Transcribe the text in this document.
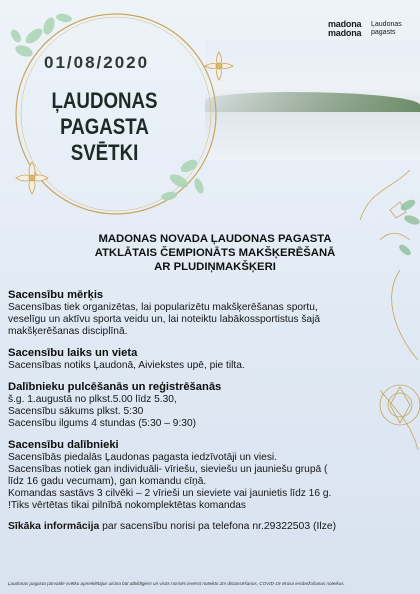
madona
madona
Ļaudonas
pagasts
01/08/2020
ĻAUDONAS
PAGASTA SVĒTKI
MADONAS NOVADA ĻAUDONAS PAGASTA
ATKLĀTAIS ČEMPIONĀTS MAKŠĶERĒŠANĀ
AR PLUDIŅMAKŠĶERI
Sacensību mērķis

Sacensības tiek organizētas, lai popularizētu makšķerēšanas sportu,

veselīgu un aktīvu sporta veidu un, lai noteiktu labākossportistus šajā

makšķerēšanas disciplīnā.

Sacensību laiks un vieta

Sacensības notiks Ļaudonā, Aiviekstes upē, pie tilta.

Dalībnieku pulcēšanās un reģistrēšanās

š.g. 1.augustā no plkst.5.00 līdz 5.30,

Sacensību sākums plkst. 5:30

Sacensību ilgums 4 stundas (5:30 – 9:30)

Sacensību dalībnieki

Sacensībās piedalās Ļaudonas pagasta iedzīvotāji un viesi.

Sacensības notiek gan individuāli- vīriešu, sieviešu un jauniešu grupā (

līdz 16 gadu vecumam), gan komandu cīņā.

Komandas sastāvs 3 cilvēki – 2 vīrieši un sieviete vai jaunietis līdz 16 g.

!Tiks vērtētas tikai pilnībā nokomplektētas komandas

Sīkāka informācija par sacensību norisi pa telefona nr.29322503 (Ilze)
Ļaudonas pagasta pārvalde svētku apmeklētājus aicina būt atbildīgiem un visās norisēs ievērot noteikto 2m distancēšanos, COVID-19 vīrusa ierobežošanas noteikus.
